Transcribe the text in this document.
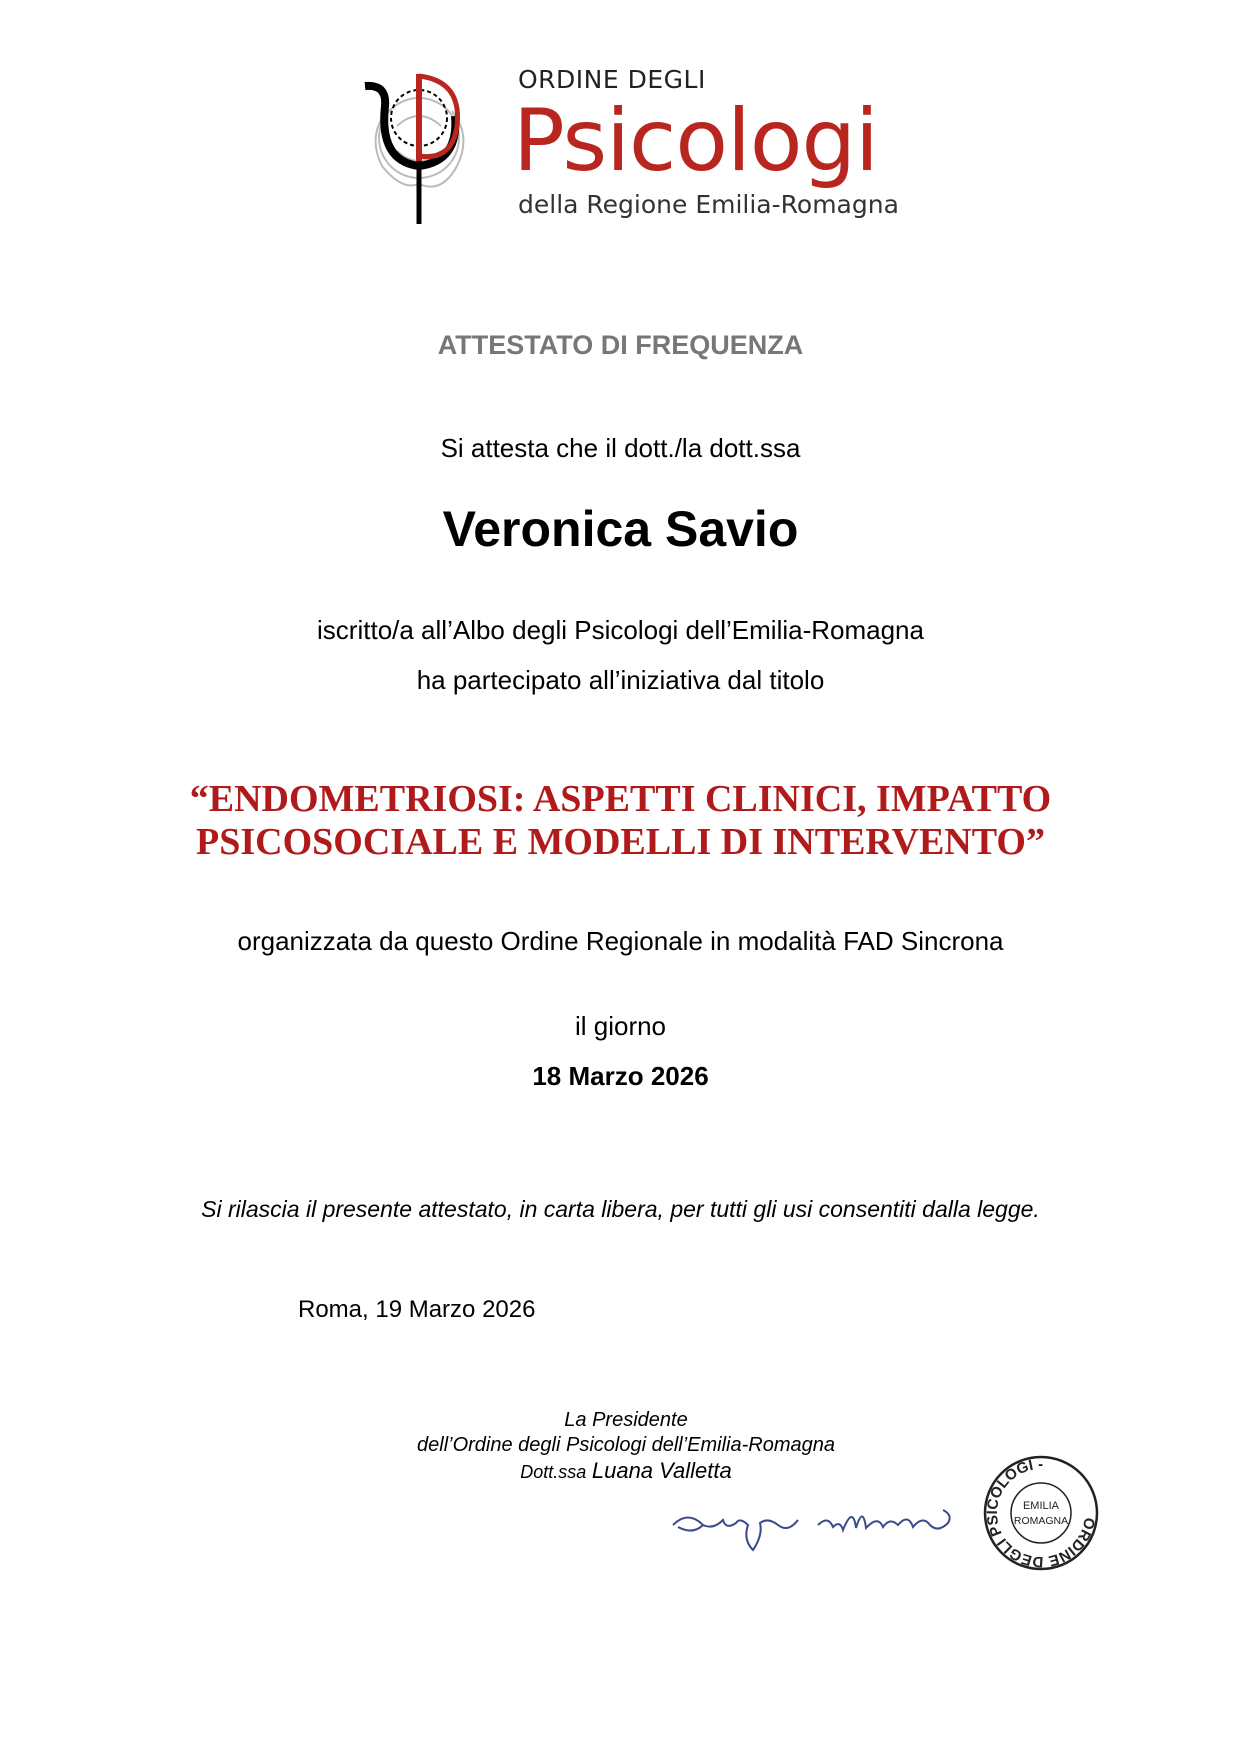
ORDINE DEGLI
Psicologi
della Regione Emilia-Romagna
ATTESTATO DI FREQUENZA
Si attesta che il dott./la dott.ssa
Veronica Savio
iscritto/a all’Albo degli Psicologi dell’Emilia-Romagna
ha partecipato all’iniziativa dal titolo
“ENDOMETRIOSI: ASPETTI CLINICI, IMPATTO
PSICOSOCIALE E MODELLI DI INTERVENTO”
organizzata da questo Ordine Regionale in modalità FAD Sincrona
il giorno
18 Marzo 2026
Si rilascia il presente attestato, in carta libera, per tutti gli usi consentiti dalla legge.
Roma, 19 Marzo 2026
La Presidente
dell’Ordine degli Psicologi dell’Emilia-Romagna
Dott.ssa Luana Valletta
ORDINE DEGLI PSICOLOGI -
EMILIA
ROMAGNA
